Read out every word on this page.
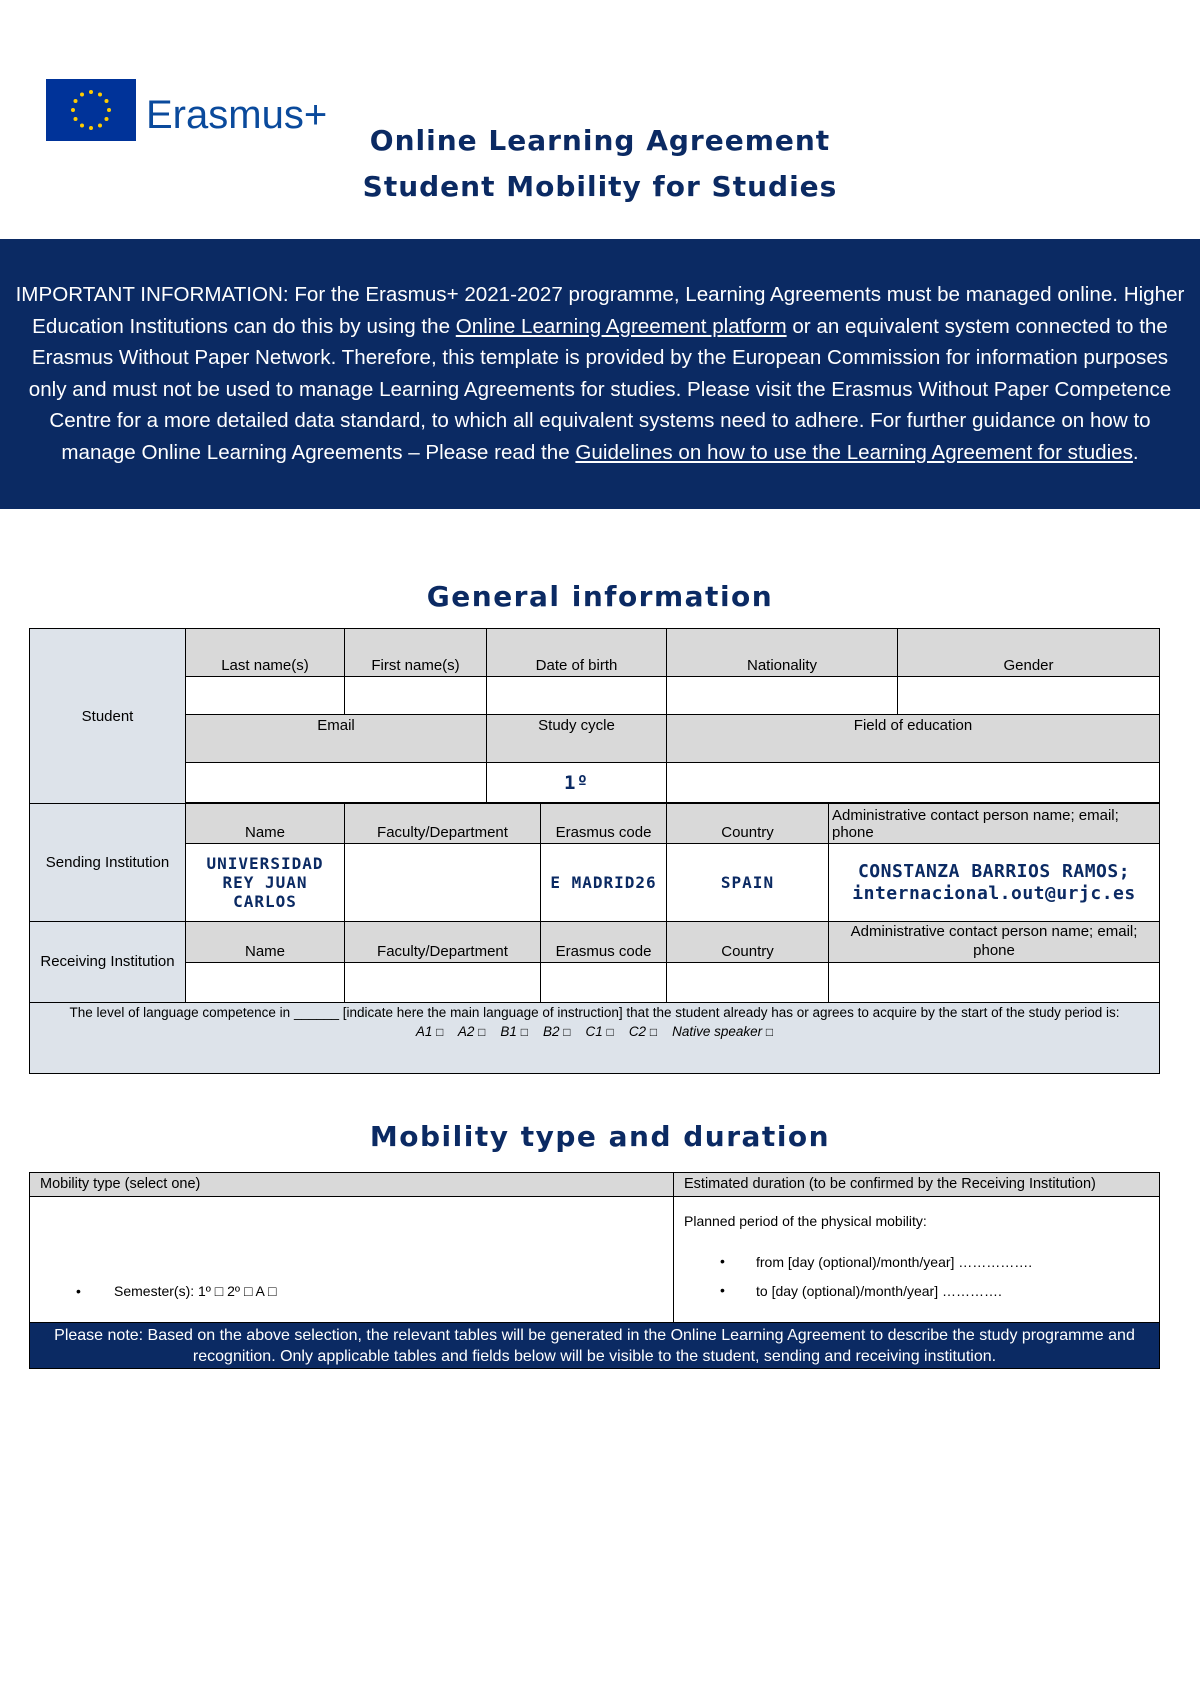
Erasmus+
Online Learning Agreement
Student Mobility for Studies
IMPORTANT INFORMATION: For the Erasmus+ 2021-2027 programme, Learning Agreements must be managed online. Higher Education Institutions can do this by using the Online Learning Agreement platform or an equivalent system connected to the Erasmus Without Paper Network. Therefore, this template is provided by the European Commission for information purposes only and must not be used to manage Learning Agreements for studies. Please visit the Erasmus Without Paper Competence Centre for a more detailed data standard, to which all equivalent systems need to adhere. For further guidance on how to manage Online Learning Agreements – Please read the Guidelines on how to use the Learning Agreement for studies.
General information
Student	Last name(s)	First name(s)	Date of birth		Nationality		Gender

	Email		Study cycle		Field of education		
			1º				

Sending Institution	Name	Faculty/Department		Erasmus code	Country	Administrative contact person name; email; phone	
	UNIVERSIDAD REY JUAN CARLOS			E MADRID26	SPAIN	CONSTANZA BARRIOS RAMOS;
internacional.out@urjc.es	

Receiving Institution	Name	Faculty/Department		Erasmus code	Country	Administrative contact person name; email; phone	

The level of language competence in ______ [indicate here the main language of instruction] that the student already has or agrees to acquire by the start of the study period is:
A1 □ A2 □ B1 □ B2 □ C1 □ C2 □ Native speaker □							
Mobility type and duration
Mobility type (select one)	Estimated duration (to be confirmed by the Receiving Institution)

• Semester(s): 1º □ 2º □ A □	Planned period of the physical mobility:
• from [day (optional)/month/year] …………….
• to [day (optional)/month/year] ………….

Please note: Based on the above selection, the relevant tables will be generated in the Online Learning Agreement to describe the study programme and recognition. Only applicable tables and fields below will be visible to the student, sending and receiving institution.	
